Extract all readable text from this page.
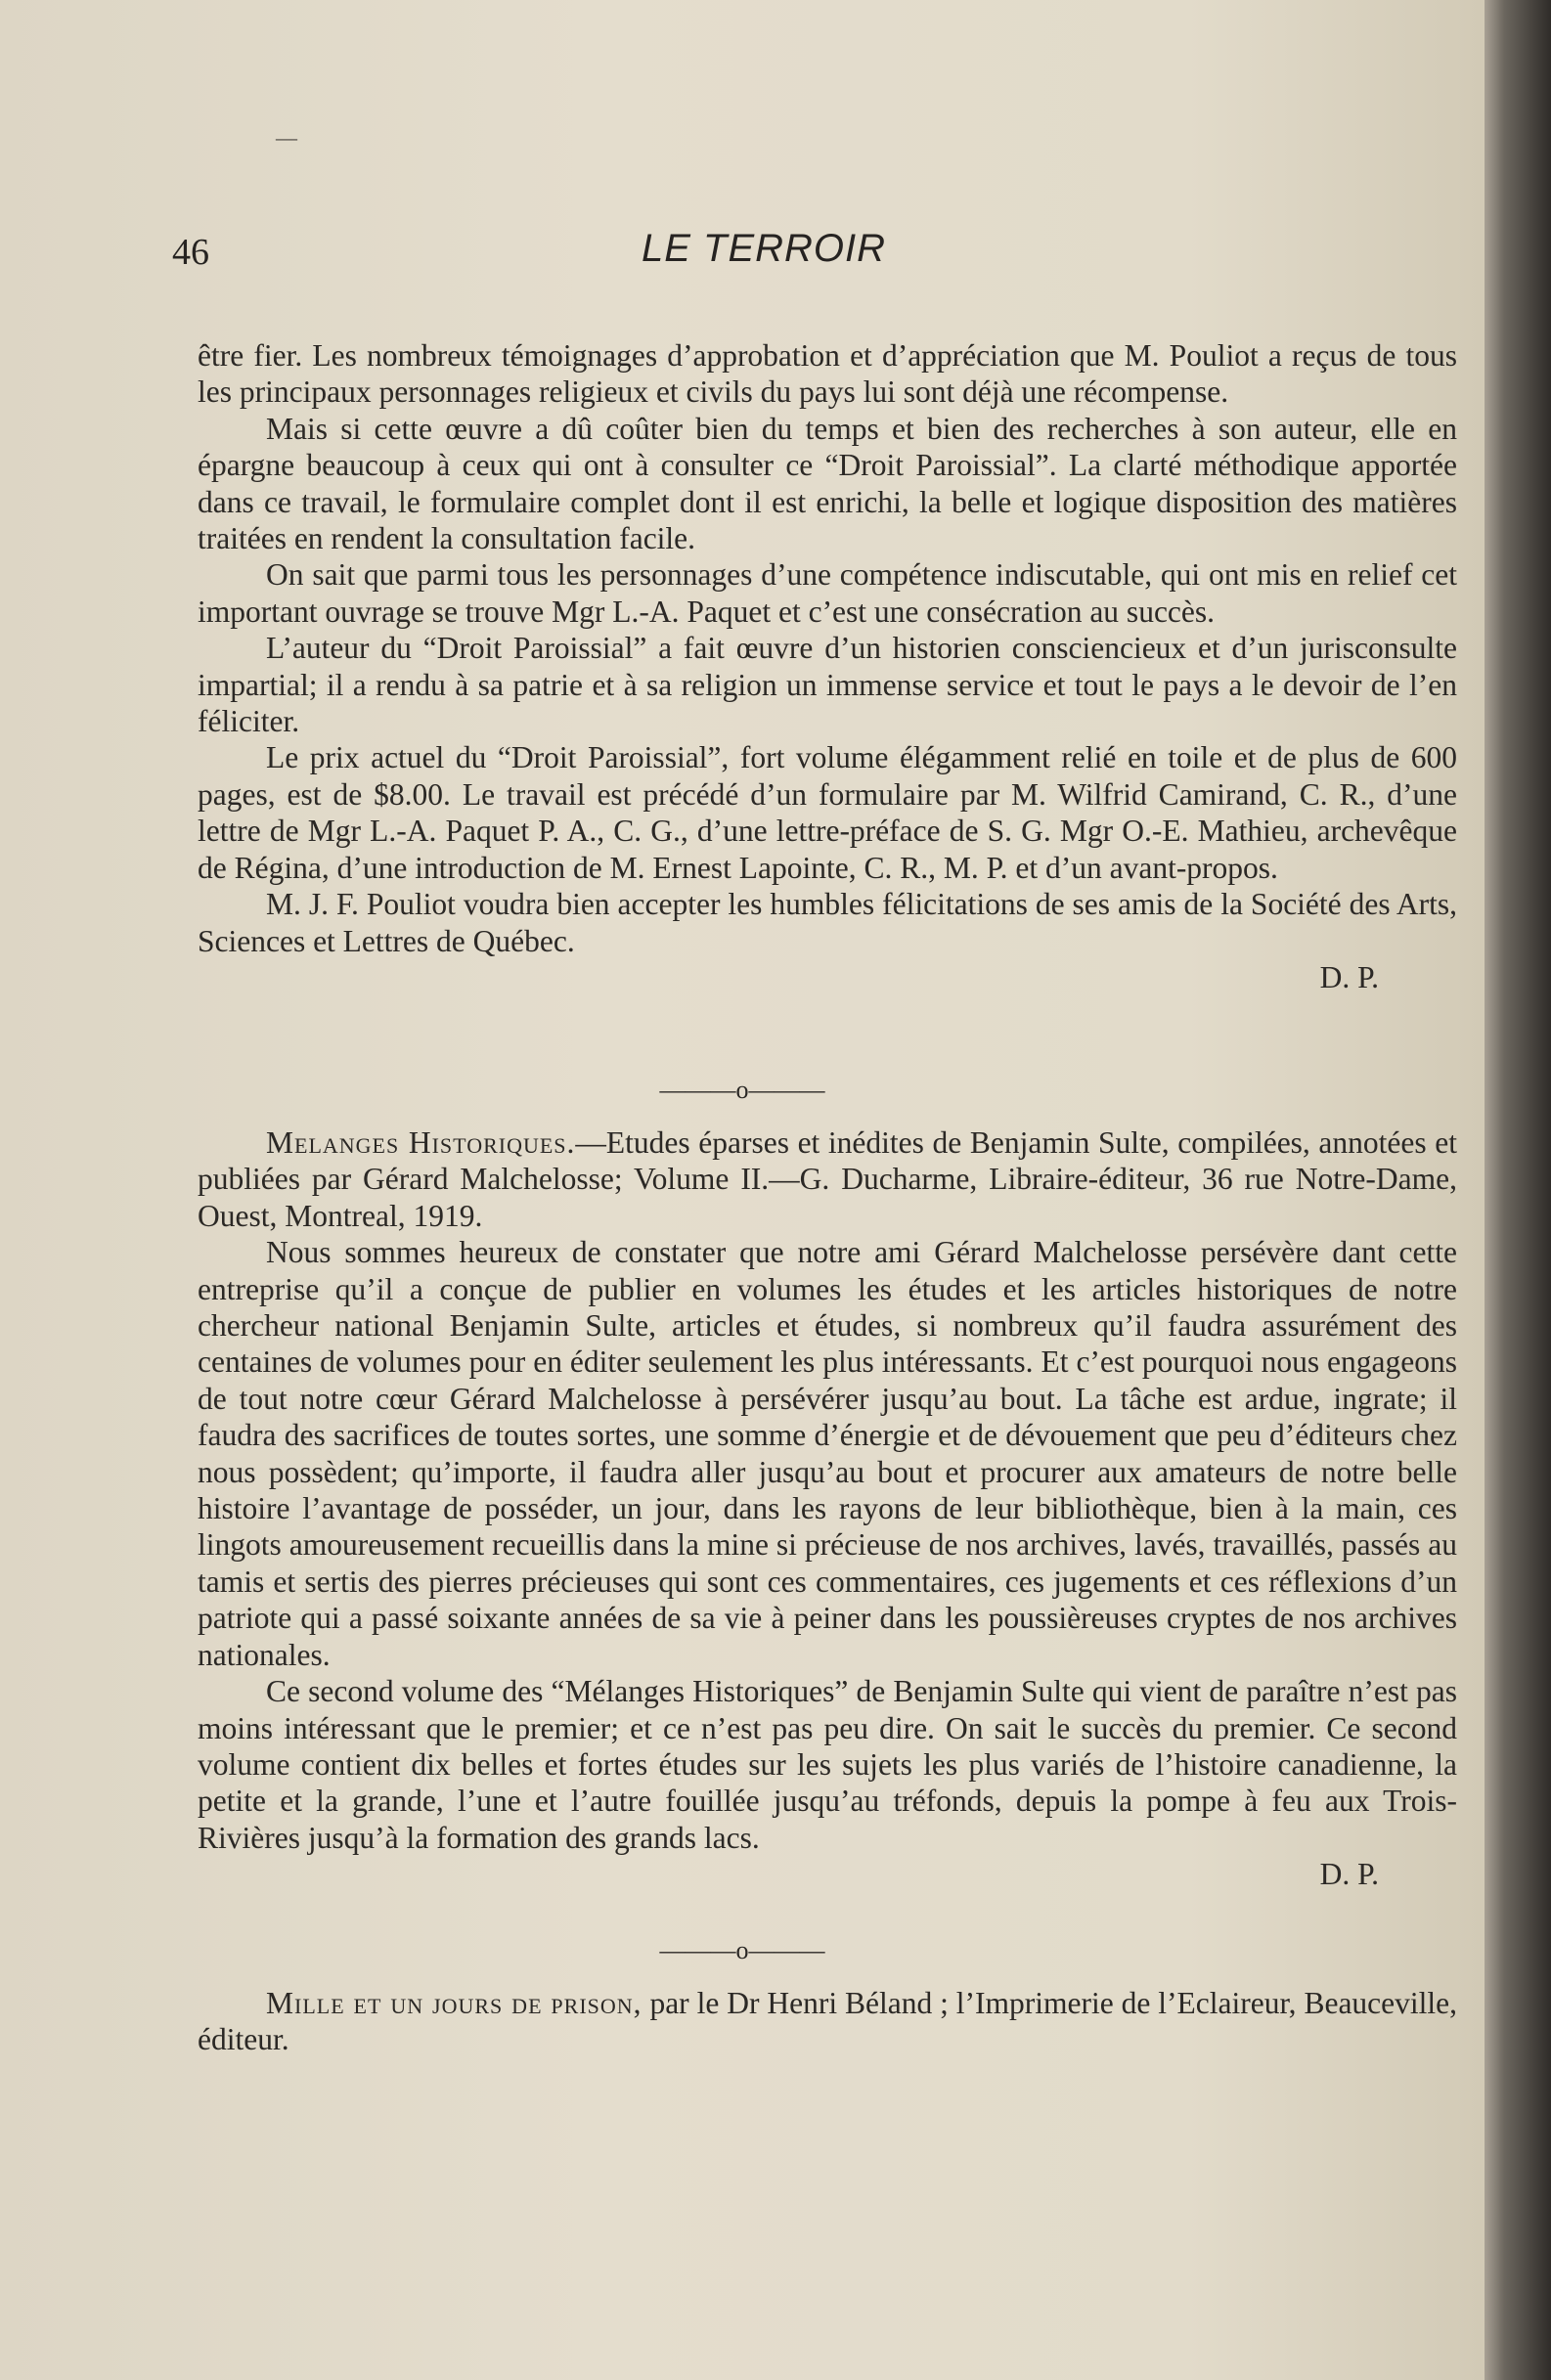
—
46	LE TERROIR

être fier. Les nombreux témoignages d’approbation et d’appréciation que M. Pouliot a reçus de tous les principaux personnages religieux et civils du pays lui sont déjà une récompense.

Mais si cette œuvre a dû coûter bien du temps et bien des recherches à son auteur, elle en épargne beaucoup à ceux qui ont à consulter ce “Droit Paroissial”. La clarté méthodique apportée dans ce travail, le formulaire complet dont il est enrichi, la belle et logique disposition des matières traitées en rendent la consultation facile.

On sait que parmi tous les personnages d’une compétence indiscutable, qui ont mis en relief cet important ouvrage se trouve Mgr L.-A. Paquet et c’est une consécration au succès.

L’auteur du “Droit Paroissial” a fait œuvre d’un historien consciencieux et d’un jurisconsulte impartial; il a rendu à sa patrie et à sa religion un immense service et tout le pays a le devoir de l’en féliciter.

Le prix actuel du “Droit Paroissial”, fort volume élégamment relié en toile et de plus de 600 pages, est de $8.00. Le travail est précédé d’un formulaire par M. Wilfrid Camirand, C. R., d’une lettre de Mgr L.-A. Paquet P. A., C. G., d’une lettre-préface de S. G. Mgr O.-E. Mathieu, archevêque de Régina, d’une introduction de M. Ernest Lapointe, C. R., M. P. et d’un avant-propos.

M. J. F. Pouliot voudra bien accepter les humbles félicitations de ses amis de la Société des Arts, Sciences et Lettres de Québec.

D. P.

———o———

Melanges Historiques.—Etudes éparses et inédites de Benjamin Sulte, compilées, annotées et publiées par Gérard Malchelosse; Volume II.—G. Ducharme, Libraire-éditeur, 36 rue Notre-Dame, Ouest, Montreal, 1919.

Nous sommes heureux de constater que notre ami Gérard Malchelosse persévère dant cette entreprise qu’il a conçue de publier en volumes les études et les articles historiques de notre chercheur national Benjamin Sulte, articles et études, si nombreux qu’il faudra assurément des centaines de volumes pour en éditer seulement les plus intéressants. Et c’est pourquoi nous engageons de tout notre cœur Gérard Malchelosse à persévérer jusqu’au bout. La tâche est ardue, ingrate; il faudra des sacrifices de toutes sortes, une somme d’énergie et de dévouement que peu d’éditeurs chez nous possèdent; qu’importe, il faudra aller jusqu’au bout et procurer aux amateurs de notre belle histoire l’avantage de posséder, un jour, dans les rayons de leur bibliothèque, bien à la main, ces lingots amoureusement recueillis dans la mine si précieuse de nos archives, lavés, travaillés, passés au tamis et sertis des pierres précieuses qui sont ces commentaires, ces jugements et ces réflexions d’un patriote qui a passé soixante années de sa vie à peiner dans les poussièreuses cryptes de nos archives nationales.

Ce second volume des “Mélanges Historiques” de Benjamin Sulte qui vient de paraître n’est pas moins intéressant que le premier; et ce n’est pas peu dire. On sait le succès du premier. Ce second volume contient dix belles et fortes études sur les sujets les plus variés de l’histoire canadienne, la petite et la grande, l’une et l’autre fouillée jusqu’au tréfonds, depuis la pompe à feu aux Trois-Rivières jusqu’à la formation des grands lacs.

D. P.

———o———

Mille et un jours de prison, par le Dr Henri Béland ; l’Imprimerie de l’Eclaireur, Beauceville, éditeur.
